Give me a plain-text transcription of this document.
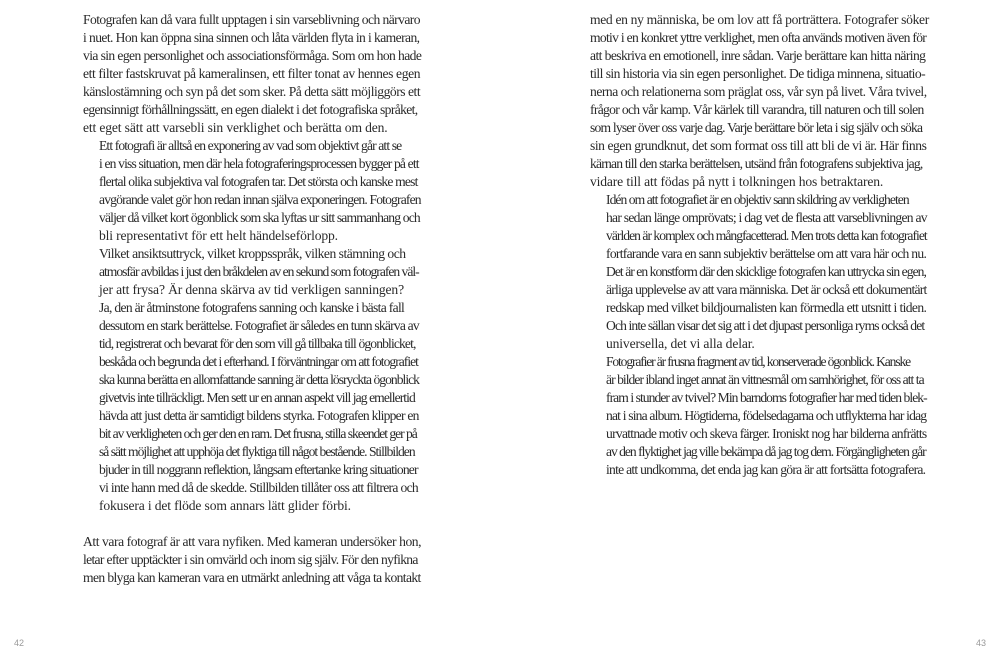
Fotografen kan då vara fullt upptagen i sin varseblivning och närvaro
i nuet. Hon kan öppna sina sinnen och låta världen flyta in i kameran,
via sin egen personlighet och associationsförmåga. Som om hon hade
ett filter fastskruvat på kameralinsen, ett filter tonat av hennes egen
känslostämning och syn på det som sker. På detta sätt möjliggörs ett
egensinnigt förhållningssätt, en egen dialekt i det fotografiska språket,
ett eget sätt att varsebli sin verklighet och berätta om den.

Ett fotografi är alltså en exponering av vad som objektivt går att se
i en viss situation, men där hela fotograferingsprocessen bygger på ett
flertal olika subjektiva val fotografen tar. Det största och kanske mest
avgörande valet gör hon redan innan själva exponeringen. Fotografen
väljer då vilket kort ögonblick som ska lyftas ur sitt sammanhang och
bli representativt för ett helt händelseförlopp.

Vilket ansiktsuttryck, vilket kroppsspråk, vilken stämning och
atmosfär avbildas i just den bråkdelen av en sekund som fotografen väl-
jer att frysa? Är denna skärva av tid verkligen sanningen?

Ja, den är åtminstone fotografens sanning och kanske i bästa fall
dessutom en stark berättelse. Fotografiet är således en tunn skärva av
tid, registrerat och bevarat för den som vill gå tillbaka till ögonblicket,
beskåda och begrunda det i efterhand. I förväntningar om att fotografiet
ska kunna berätta en allomfattande sanning är detta lösryckta ögonblick
givetvis inte tillräckligt. Men sett ur en annan aspekt vill jag emellertid
hävda att just detta är samtidigt bildens styrka. Fotografen klipper en
bit av verkligheten och ger den en ram. Det frusna, stilla skeendet ger på
så sätt möjlighet att upphöja det flyktiga till något bestående. Stillbilden
bjuder in till noggrann reflektion, långsam eftertanke kring situationer
vi inte hann med då de skedde. Stillbilden tillåter oss att filtrera och
fokusera i det flöde som annars lätt glider förbi.

Att vara fotograf är att vara nyfiken. Med kameran undersöker hon,
letar efter upptäckter i sin omvärld och inom sig själv. För den nyfikna
men blyga kan kameran vara en utmärkt anledning att våga ta kontakt

42

med en ny människa, be om lov att få porträttera. Fotografer söker
motiv i en konkret yttre verklighet, men ofta används motiven även för
att beskriva en emotionell, inre sådan. Varje berättare kan hitta näring
till sin historia via sin egen personlighet. De tidiga minnena, situatio-
nerna och relationerna som präglat oss, vår syn på livet. Våra tvivel,
frågor och vår kamp. Vår kärlek till varandra, till naturen och till solen
som lyser över oss varje dag. Varje berättare bör leta i sig själv och söka
sin egen grundknut, det som format oss till att bli de vi är. Här finns
kärnan till den starka berättelsen, utsänd från fotografens subjektiva jag,
vidare till att födas på nytt i tolkningen hos betraktaren.

Idén om att fotografiet är en objektiv sann skildring av verkligheten
har sedan länge omprövats; i dag vet de flesta att varseblivningen av
världen är komplex och mångfacetterad. Men trots detta kan fotografiet
fortfarande vara en sann subjektiv berättelse om att vara här och nu.
Det är en konstform där den skicklige fotografen kan uttrycka sin egen,
ärliga upplevelse av att vara människa. Det är också ett dokumentärt
redskap med vilket bildjournalisten kan förmedla ett utsnitt i tiden.
Och inte sällan visar det sig att i det djupast personliga ryms också det
universella, det vi alla delar.

Fotografier är frusna fragment av tid, konserverade ögonblick. Kanske
är bilder ibland inget annat än vittnesmål om samhörighet, för oss att ta
fram i stunder av tvivel? Min barndoms fotografier har med tiden blek-
nat i sina album. Högtiderna, födelsedagarna och utflykterna har idag
urvattnade motiv och skeva färger. Ironiskt nog har bilderna anfrätts
av den flyktighet jag ville bekämpa då jag tog dem. Förgängligheten går
inte att undkomma, det enda jag kan göra är att fortsätta fotografera.

43
